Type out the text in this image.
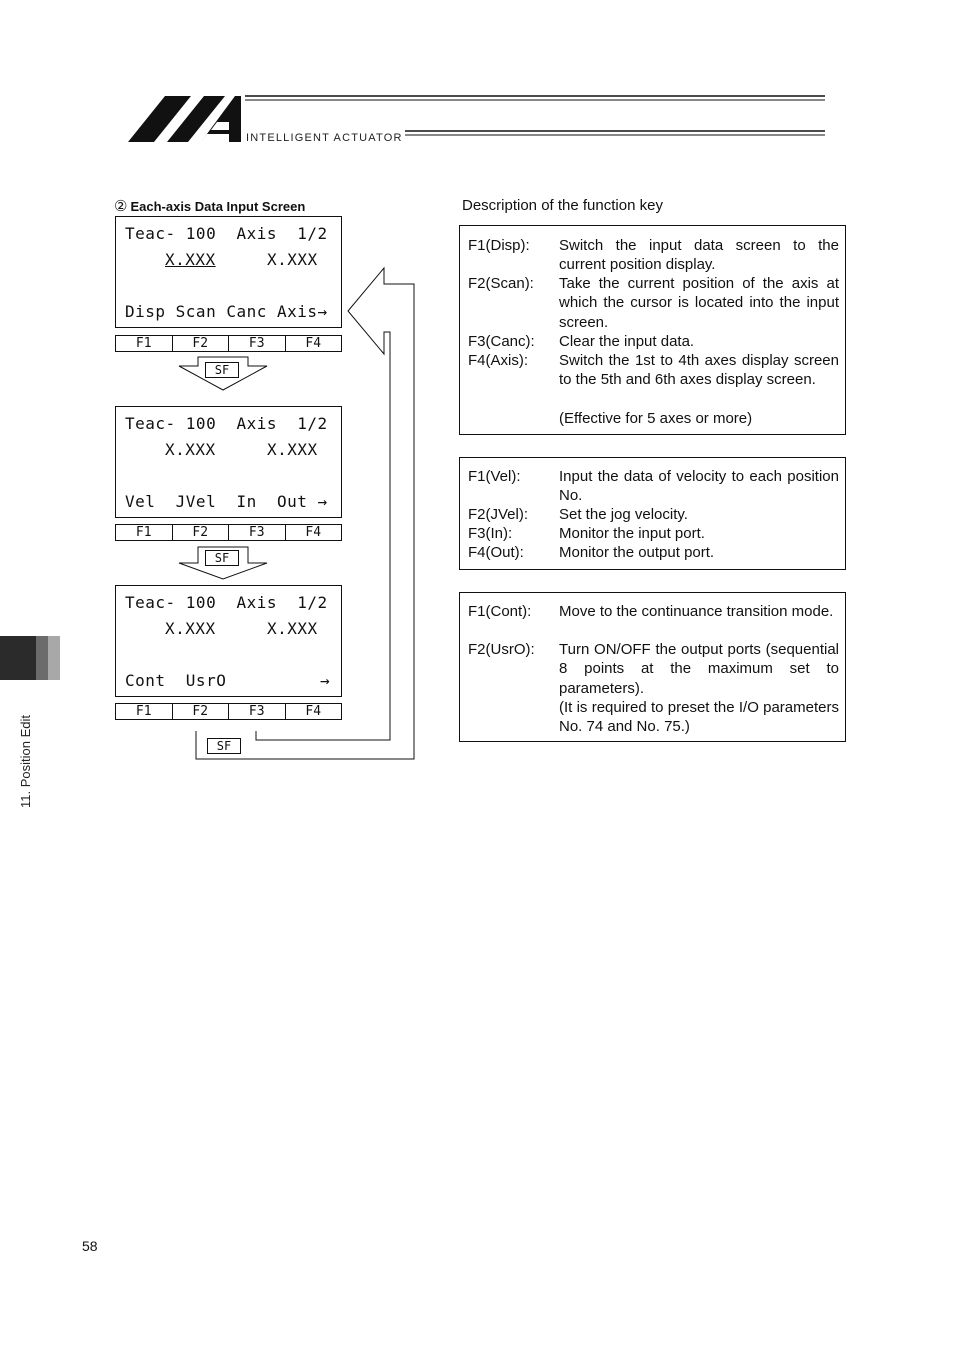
INTELLIGENT ACTUATOR
11. Position Edit
② Each-axis Data Input Screen
Teac- 100  Axis  1/2
X.XXX	X.XXX
Disp Scan Canc Axis→
F1	F2	F3	F4
SF
Teac- 100  Axis  1/2
X.XXX	X.XXX
Vel  JVel  In  Out →
F1	F2	F3	F4
SF
Teac- 100  Axis  1/2
X.XXX	X.XXX
Cont  UsrO	→
F1	F2	F3	F4
SF
Description of the function key
F1(Disp): Switch the input data screen to the current position display.
F2(Scan): Take the current position of the axis at which the cursor is located into the input screen.
F3(Canc): Clear the input data.
F4(Axis): Switch the 1st to 4th axes display screen to the 5th and 6th axes display screen.
(Effective for 5 axes or more)
F1(Vel):	Input the data of velocity to each position No.
F2(JVel): Set the jog velocity.
F3(In):	Monitor the input port.
F4(Out): Monitor the output port.
F1(Cont): Move to the continuance transition mode.
F2(UsrO): Turn ON/OFF the output ports (sequential 8 points at the maximum set to parameters).
(It is required to preset the I/O parameters No. 74 and No. 75.)
58
